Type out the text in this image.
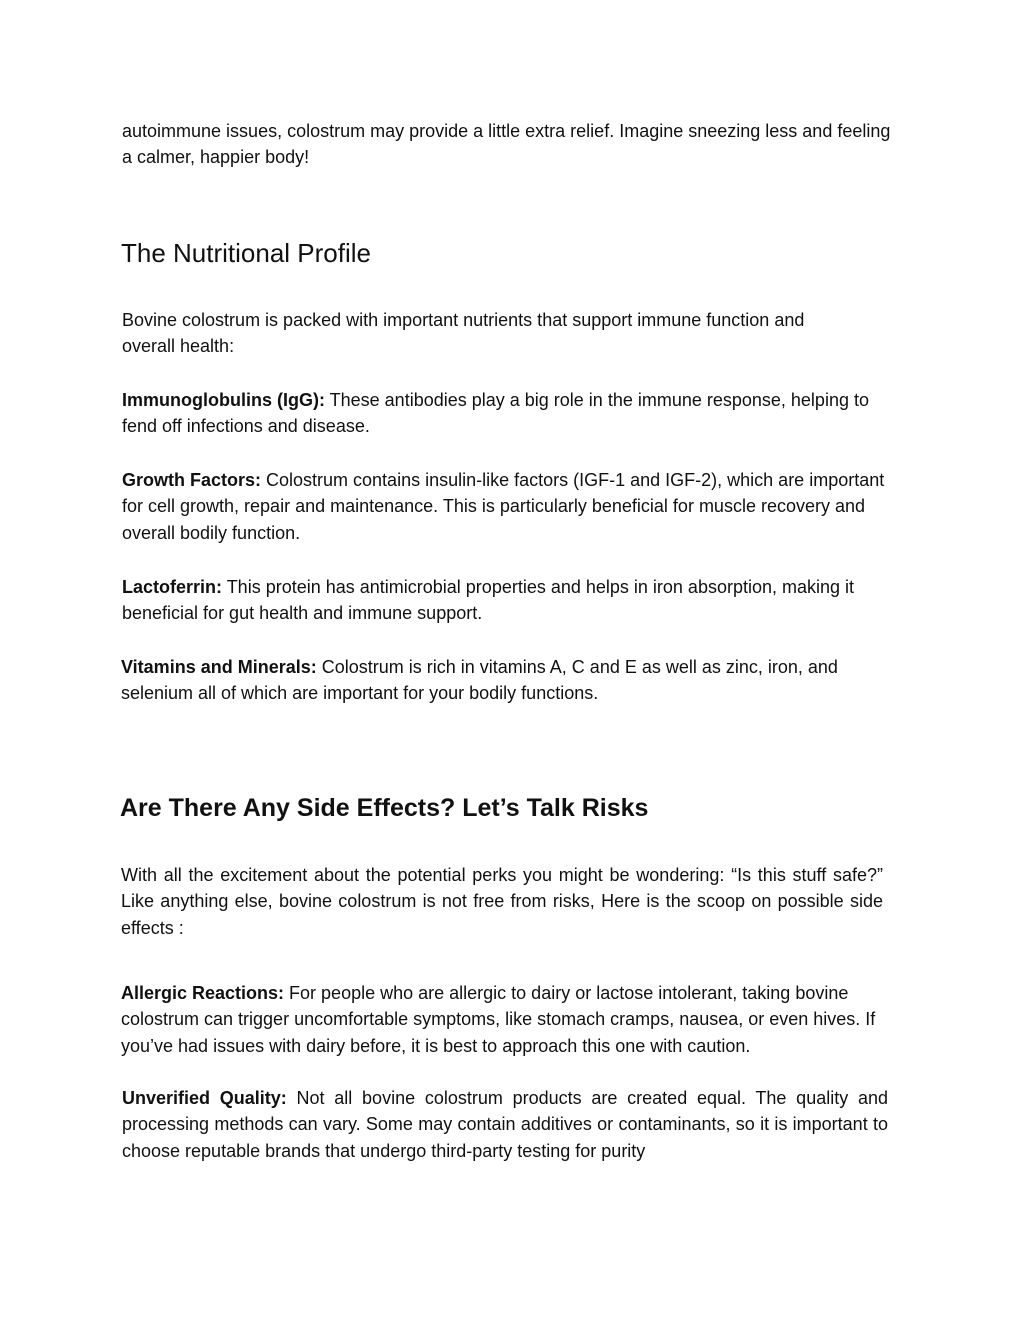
autoimmune issues, colostrum may provide a little extra relief. Imagine sneezing less and feeling a calmer, happier body!

The Nutritional Profile

Bovine colostrum is packed with important nutrients that support immune function and overall health:

Immunoglobulins (IgG): These antibodies play a big role in the immune response, helping to fend off infections and disease.

Growth Factors: Colostrum contains insulin-like factors (IGF-1 and IGF-2), which are important for cell growth, repair and maintenance. This is particularly beneficial for muscle recovery and overall bodily function.

Lactoferrin: This protein has antimicrobial properties and helps in iron absorption, making it beneficial for gut health and immune support.

Vitamins and Minerals: Colostrum is rich in vitamins A, C and E as well as zinc, iron, and selenium all of which are important for your bodily functions.

Are There Any Side Effects? Let’s Talk Risks

With all the excitement about the potential perks you might be wondering: “Is this stuff safe?” Like anything else, bovine colostrum is not free from risks, Here is the scoop on possible side effects :

Allergic Reactions: For people who are allergic to dairy or lactose intolerant, taking bovine colostrum can trigger uncomfortable symptoms, like stomach cramps, nausea, or even hives. If you’ve had issues with dairy before, it is best to approach this one with caution.

Unverified Quality: Not all bovine colostrum products are created equal. The quality and processing methods can vary. Some may contain additives or contaminants, so it is important to choose reputable brands that undergo third-party testing for purity
